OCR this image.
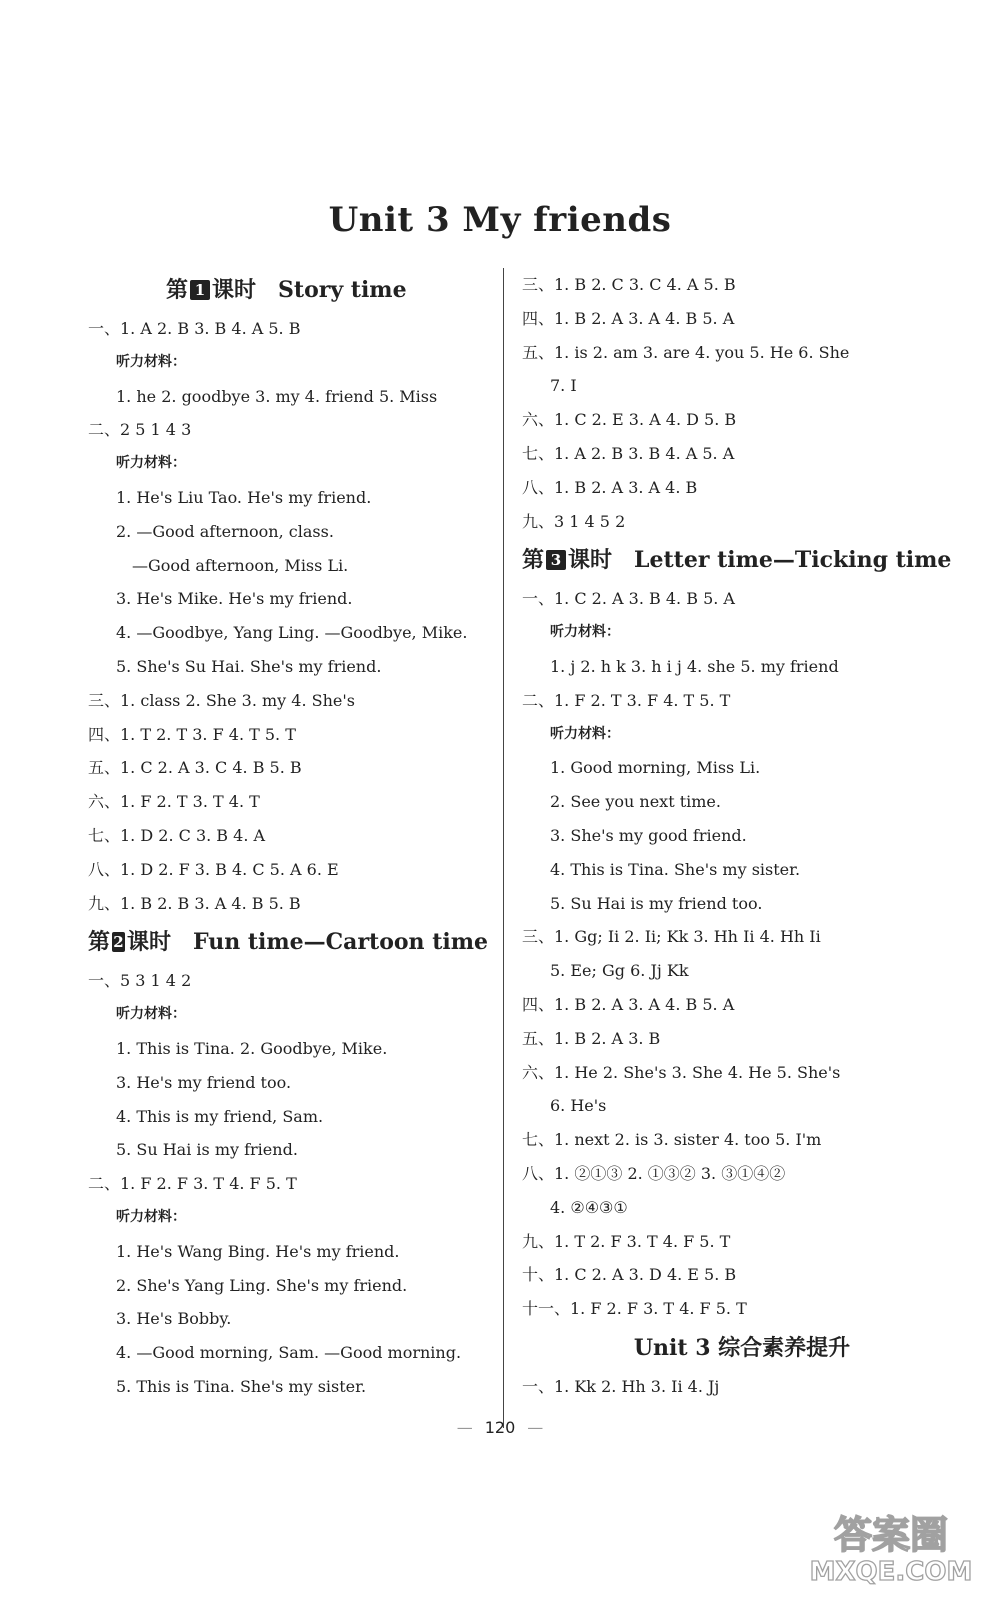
Unit 3 My friends
第 1 课时 Story time
一、1. A 2. B 3. B 4. A 5. B
听力材料：
1. he 2. goodbye 3. my 4. friend 5. Miss
二、2 5 1 4 3
听力材料：
1. He's Liu Tao. He's my friend.
2. —Good afternoon, class.
—Good afternoon, Miss Li.
3. He's Mike. He's my friend.
4. —Goodbye, Yang Ling. —Goodbye, Mike.
5. She's Su Hai. She's my friend.
三、1. class 2. She 3. my 4. She's
四、1. T 2. T 3. F 4. T 5. T
五、1. C 2. A 3. C 4. B 5. B
六、1. F 2. T 3. T 4. T
七、1. D 2. C 3. B 4. A
八、1. D 2. F 3. B 4. C 5. A 6. E
九、1. B 2. B 3. A 4. B 5. B
第 2 课时 Fun time—Cartoon time
一、5 3 1 4 2
听力材料：
1. This is Tina. 2. Goodbye, Mike.
3. He's my friend too.
4. This is my friend, Sam.
5. Su Hai is my friend.
二、1. F 2. F 3. T 4. F 5. T
听力材料：
1. He's Wang Bing. He's my friend.
2. She's Yang Ling. She's my friend.
3. He's Bobby.
4. —Good morning, Sam. —Good morning.
5. This is Tina. She's my sister.
三、1. B 2. C 3. C 4. A 5. B
四、1. B 2. A 3. A 4. B 5. A
五、1. is 2. am 3. are 4. you 5. He 6. She
7. I
六、1. C 2. E 3. A 4. D 5. B
七、1. A 2. B 3. B 4. A 5. A
八、1. B 2. A 3. A 4. B
九、3 1 4 5 2
第 3 课时 Letter time—Ticking time
一、1. C 2. A 3. B 4. B 5. A
听力材料：
1. j 2. h k 3. h i j 4. she 5. my friend
二、1. F 2. T 3. F 4. T 5. T
听力材料：
1. Good morning, Miss Li.
2. See you next time.
3. She's my good friend.
4. This is Tina. She's my sister.
5. Su Hai is my friend too.
三、1. Gg; Ii 2. Ii; Kk 3. Hh Ii 4. Hh Ii
5. Ee; Gg 6. Jj Kk
四、1. B 2. A 3. A 4. B 5. A
五、1. B 2. A 3. B
六、1. He 2. She's 3. She 4. He 5. She's
6. He's
七、1. next 2. is 3. sister 4. too 5. I'm
八、1. ②①③ 2. ①③② 3. ③①④②
4. ②④③①
九、1. T 2. F 3. T 4. F 5. T
十、1. C 2. A 3. D 4. E 5. B
十一、1. F 2. F 3. T 4. F 5. T
Unit 3 综合素养提升
一、1. Kk 2. Hh 3. Ii 4. Jj
— 120 —
答案圈
MXQE.COM
